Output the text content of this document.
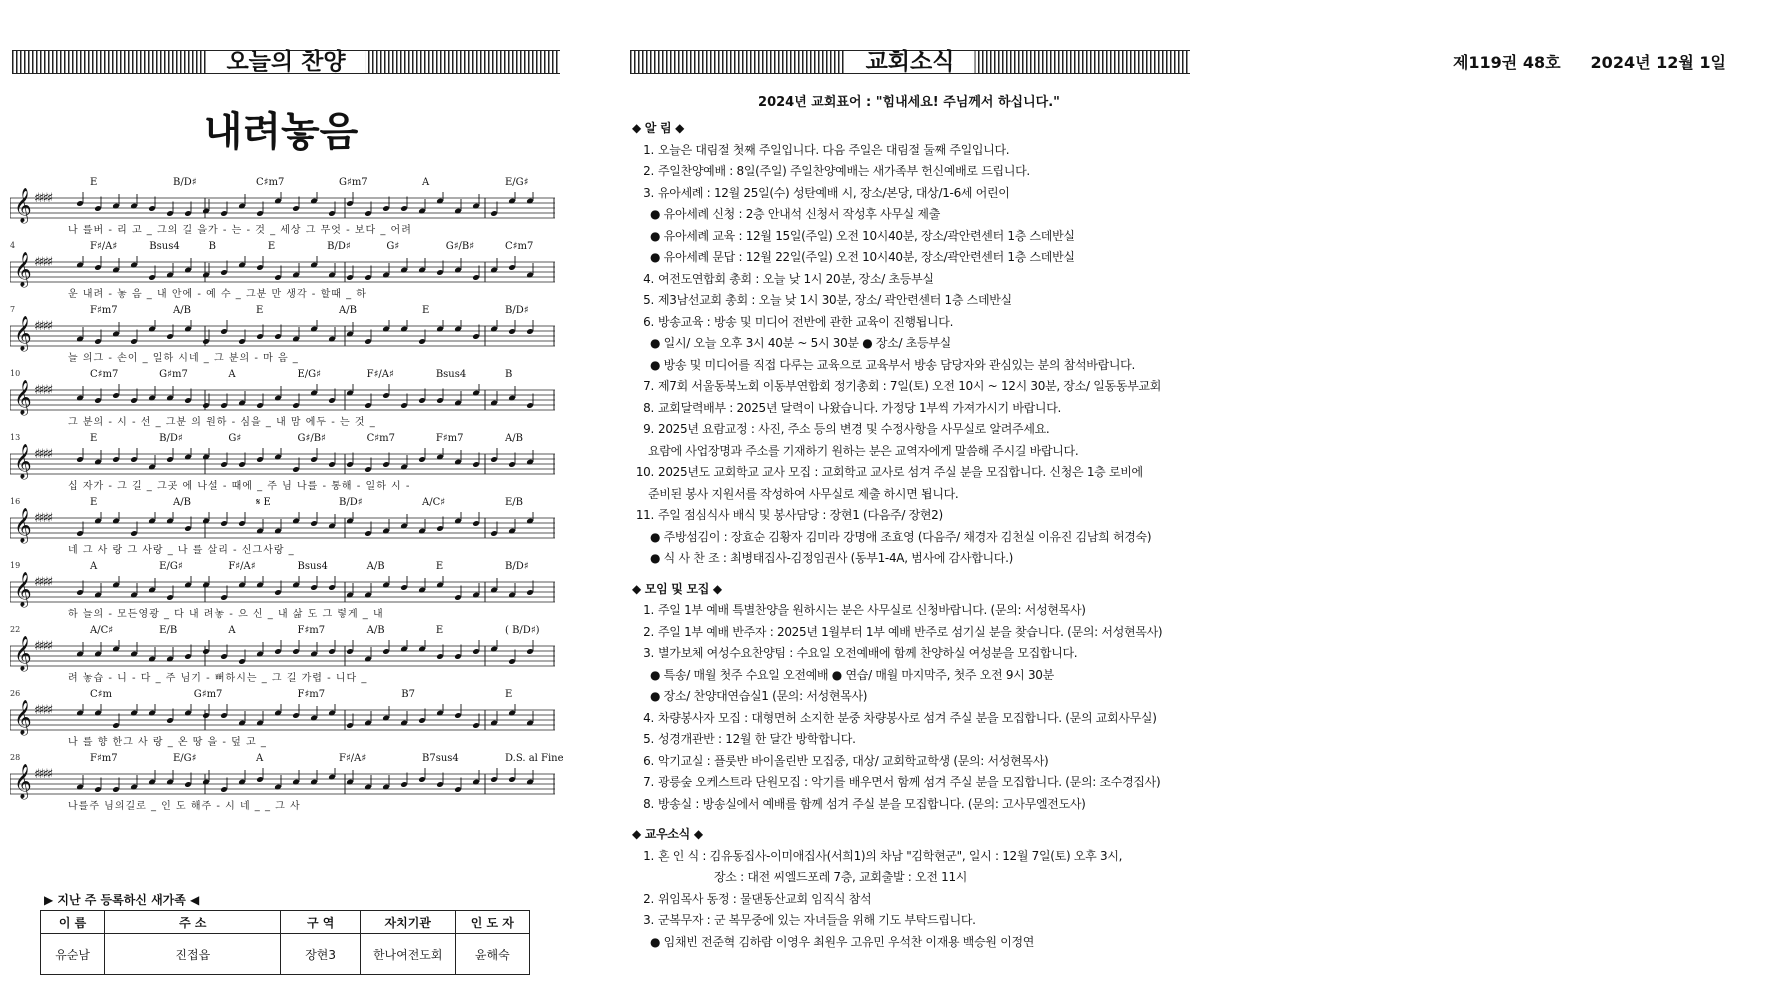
오늘의 찬양	교회소식	제119권 48호 2024년 12월 1일
내려놓음
E	B/D♯	C♯m7	G♯m7	A	E/G♯
𝄞 ♯♯♯♯
나 를버 - 리 고 _ 그의 길 을가 - 는 - 것 _ 세상 그 무엇 - 보다 _ 어려
4	F♯/A♯	Bsus4	B	E	B/D♯	G♯	G♯/B♯	C♯m7
𝄞 ♯♯♯♯
운 내려 - 놓 음 _ 내 안에 - 예 수 _ 그분 만 생각 - 할때 _ 하
7	F♯m7	A/B	E	A/B	E	B/D♯
𝄞 ♯♯♯♯
늘 의그 - 손이 _ 일하 시네 _ 그 분의 - 마 음 _
10	C♯m7	G♯m7	A	E/G♯	F♯/A♯	Bsus4	B
𝄞 ♯♯♯♯
그 분의 - 시 - 선 _ 그분 의 원하 - 심을 _ 내 맘 에두 - 는 것 _
13	E	B/D♯	G♯	G♯/B♯	C♯m7	F♯m7	A/B
𝄞 ♯♯♯♯
십 자가 - 그 길 _ 그곳 에 나설 - 때에 _ 주 님 나를 - 통해 - 일하 시 -
16	E	A/B	𝄋 E	B/D♯	A/C♯	E/B
𝄞 ♯♯♯♯
네 그 사 랑 그 사랑 _ 나 를 살리 - 신그사랑 _
19	A	E/G♯	F♯/A♯	Bsus4	A/B	E	B/D♯
𝄞 ♯♯♯♯
하 늘의 - 모든영광 _ 다 내 려놓 - 으 신 _ 내 삶 도 그 렇게 _ 내
22	A/C♯	E/B	A	F♯m7	A/B	E	( B/D♯)
𝄞 ♯♯♯♯
려 놓습 - 니 - 다 _ 주 님기 - 뻐하시는 _ 그 길 가렵 - 니다 _
26	C♯m	G♯m7	F♯m7	B7	E
𝄞 ♯♯♯♯
나 를 향 한그 사 랑 _ 온 땅 을 - 덮 고 _
28	F♯m7	E/G♯	A	F♯/A♯	B7sus4	D.S. al Fine
𝄞 ♯♯♯♯
나를주 님의길로 _ 인 도 해주 - 시 네 _ _ 그 사
▶ 지난 주 등록하신 새가족 ◀
이 름	주 소	구 역	자치기관	인 도 자
유순남	진접읍	장현3	한나여전도회	윤해숙
2024년 교회표어 : "힘내세요! 주님께서 하십니다."
◆ 알 림 ◆
1. 오늘은 대림절 첫째 주일입니다. 다음 주일은 대림절 둘째 주일입니다.
2. 주일찬양예배 : 8일(주일) 주일찬양예배는 새가족부 헌신예배로 드립니다.
3. 유아세례 : 12월 25일(수) 성탄예배 시, 장소/본당, 대상/1-6세 어린이
● 유아세례 신청 : 2층 안내석 신청서 작성후 사무실 제출
● 유아세례 교육 : 12월 15일(주일) 오전 10시40분, 장소/곽안련센터 1층 스데반실
● 유아세례 문답 : 12월 22일(주일) 오전 10시40분, 장소/곽안련센터 1층 스데반실
4. 여전도연합회 총회 : 오늘 낮 1시 20분, 장소/ 초등부실
5. 제3남선교회 총회 : 오늘 낮 1시 30분, 장소/ 곽안련센터 1층 스데반실
6. 방송교육 : 방송 및 미디어 전반에 관한 교육이 진행됩니다.
● 일시/ 오늘 오후 3시 40분 ~ 5시 30분 ● 장소/ 초등부실
● 방송 및 미디어를 직접 다루는 교육으로 교육부서 방송 담당자와 관심있는 분의 참석바랍니다.
7. 제7회 서울동북노회 이동부연합회 정기총회 : 7일(토) 오전 10시 ~ 12시 30분, 장소/ 일동동부교회
8. 교회달력배부 : 2025년 달력이 나왔습니다. 가정당 1부씩 가져가시기 바랍니다.
9. 2025년 요람교정 : 사진, 주소 등의 변경 및 수정사항을 사무실로 알려주세요.
요람에 사업장명과 주소를 기재하기 원하는 분은 교역자에게 말씀해 주시길 바랍니다.
10. 2025년도 교회학교 교사 모집 : 교회학교 교사로 섬겨 주실 분을 모집합니다. 신청은 1층 로비에
준비된 봉사 지원서를 작성하여 사무실로 제출 하시면 됩니다.
11. 주일 점심식사 배식 및 봉사담당 : 장현1 (다음주/ 장현2)
● 주방섬김이 : 장효순 김황자 김미라 강명애 조효영 (다음주/ 채경자 김천실 이유진 김남희 허경숙)
● 식 사 찬 조 : 최병태집사-김정임권사 (동부1-4A, 범사에 감사합니다.)
◆ 모임 및 모집 ◆
1. 주일 1부 예배 특별찬양을 원하시는 분은 사무실로 신청바랍니다. (문의: 서성현목사)
2. 주일 1부 예배 반주자 : 2025년 1월부터 1부 예배 반주로 섬기실 분을 찾습니다. (문의: 서성현목사)
3. 별가보체 여성수요찬양팀 : 수요일 오전예배에 함께 찬양하실 여성분을 모집합니다.
● 특송/ 매월 첫주 수요일 오전예배 ● 연습/ 매월 마지막주, 첫주 오전 9시 30분
● 장소/ 찬양대연습실1 (문의: 서성현목사)
4. 차량봉사자 모집 : 대형면허 소지한 분중 차량봉사로 섬겨 주실 분을 모집합니다. (문의 교회사무실)
5. 성경개관반 : 12월 한 달간 방학합니다.
6. 악기교실 : 플룻반 바이올린반 모집중, 대상/ 교회학교학생 (문의: 서성현목사)
7. 광릉숲 오케스트라 단원모집 : 악기를 배우면서 함께 섬겨 주실 분을 모집합니다. (문의: 조수경집사)
8. 방송실 : 방송실에서 예배를 함께 섬겨 주실 분을 모집합니다. (문의: 고사무엘전도사)
◆ 교우소식 ◆
1. 혼 인 식 : 김유동집사-이미애집사(서희1)의 차남 "김학현군", 일시 : 12월 7일(토) 오후 3시,
장소 : 대전 씨엘드포레 7층, 교회출발 : 오전 11시
2. 위임목사 동정 : 물댄동산교회 임직식 참석
3. 군복무자 : 군 복무중에 있는 자녀들을 위해 기도 부탁드립니다.
● 임채빈 전준혁 김하람 이영우 최원우 고유민 우석찬 이재용 백승원 이정연
